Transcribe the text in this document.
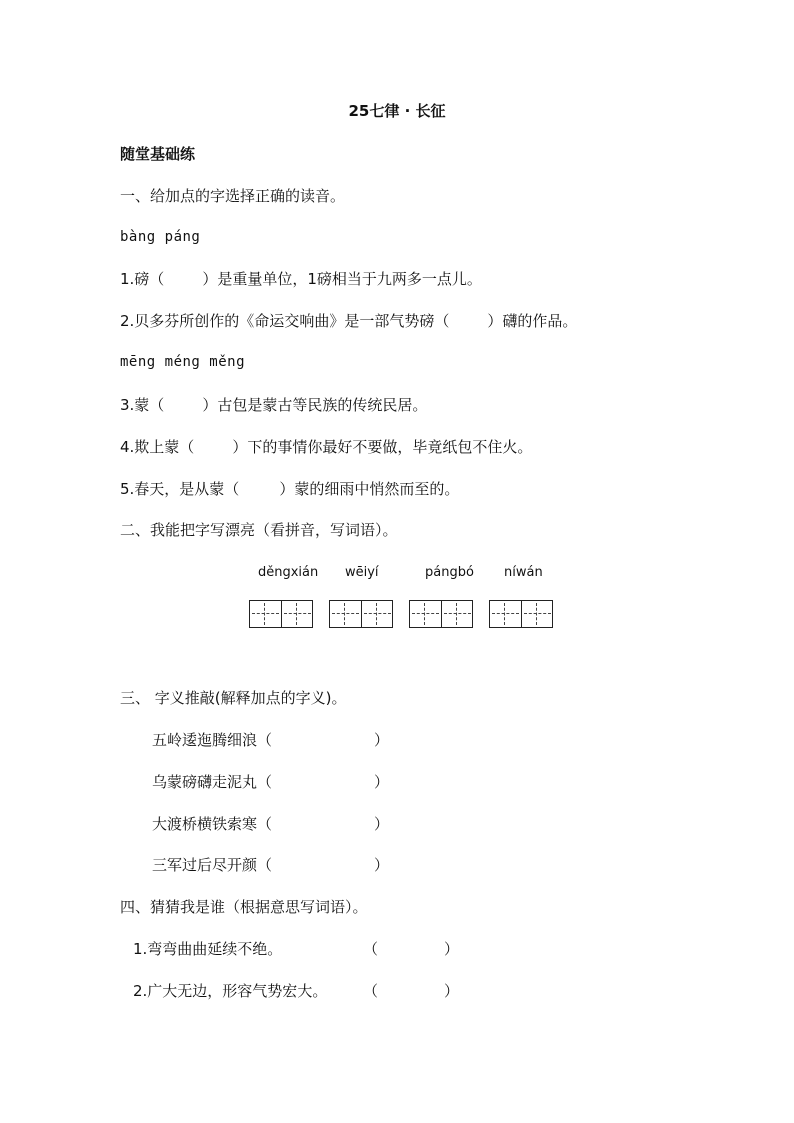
25七律 · 长征
随堂基础练
一、给加点的字选择正确的读音。
bàng páng
1.磅（	）是重量单位，1磅相当于九两多一点儿。
2.贝多芬所创作的《命运交响曲》是一部气势磅（	）礴的作品。
mēng méng měng
3.蒙（	）古包是蒙古等民族的传统民居。
4.欺上蒙（	）下的事情你最好不要做，毕竟纸包不住火。
5.春天，是从蒙（	）蒙的细雨中悄然而至的。
二、我能把字写漂亮（看拼音，写词语）。
děngxián wēiyí	pángbó níwán
三、 字义推敲(解释加点的字义)。
五岭逶迤腾细浪（	）
乌蒙磅礴走泥丸（	）
大渡桥横铁索寒（	）
三军过后尽开颜（	）
四、猜猜我是谁（根据意思写词语）。
1.弯弯曲曲延续不绝。	（	）
2.广大无边，形容气势宏大。 （	）
